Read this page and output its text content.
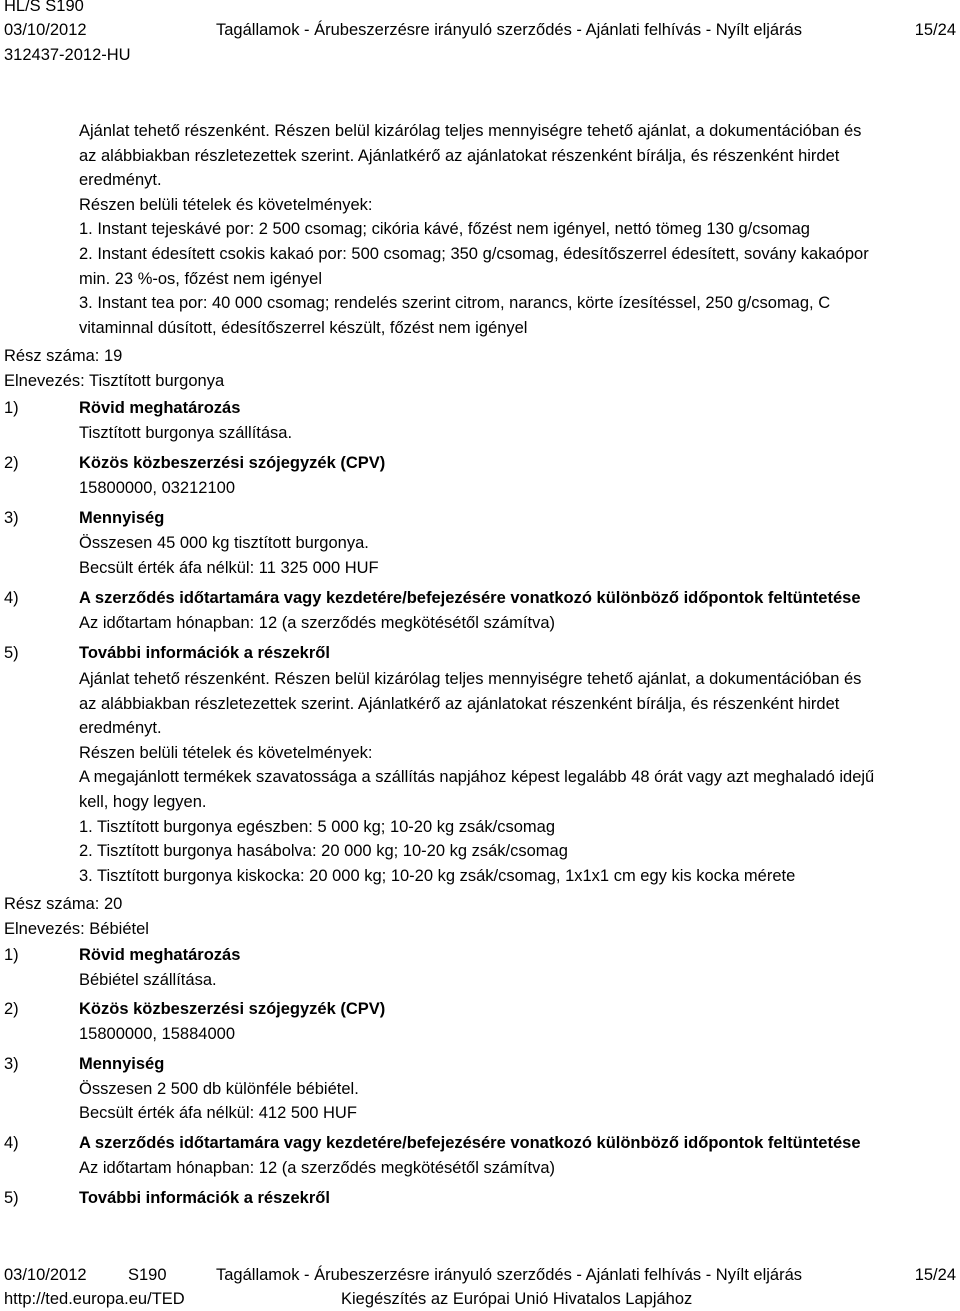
HL/S S190
03/10/2012	Tagállamok - Árubeszerzésre irányuló szerződés - Ajánlati felhívás - Nyílt eljárás	15/24
312437-2012-HU
Ajánlat tehető részenként. Részen belül kizárólag teljes mennyiségre tehető ajánlat, a dokumentációban és
az alábbiakban részletezettek szerint. Ajánlatkérő az ajánlatokat részenként bírálja, és részenként hirdet
eredményt.
Részen belüli tételek és követelmények:
1. Instant tejeskávé por: 2 500 csomag; cikória kávé, főzést nem igényel, nettó tömeg 130 g/csomag
2. Instant édesített csokis kakaó por: 500 csomag; 350 g/csomag, édesítőszerrel édesített, sovány kakaópor
min. 23 %-os, főzést nem igényel
3. Instant tea por: 40 000 csomag; rendelés szerint citrom, narancs, körte ízesítéssel, 250 g/csomag, C
vitaminnal dúsított, édesítőszerrel készült, főzést nem igényel
Rész száma: 19
Elnevezés: Tisztított burgonya
1)	Rövid meghatározás
Tisztított burgonya szállítása.
2)	Közös közbeszerzési szójegyzék (CPV)
15800000, 03212100
3)	Mennyiség
Összesen 45 000 kg tisztított burgonya.
Becsült érték áfa nélkül: 11 325 000 HUF
4)	A szerződés időtartamára vagy kezdetére/befejezésére vonatkozó különböző időpontok feltüntetése
Az időtartam hónapban: 12 (a szerződés megkötésétől számítva)
5)	További információk a részekről
Ajánlat tehető részenként. Részen belül kizárólag teljes mennyiségre tehető ajánlat, a dokumentációban és
az alábbiakban részletezettek szerint. Ajánlatkérő az ajánlatokat részenként bírálja, és részenként hirdet
eredményt.
Részen belüli tételek és követelmények:
A megajánlott termékek szavatossága a szállítás napjához képest legalább 48 órát vagy azt meghaladó idejű
kell, hogy legyen.
1. Tisztított burgonya egészben: 5 000 kg; 10-20 kg zsák/csomag
2. Tisztított burgonya hasábolva: 20 000 kg; 10-20 kg zsák/csomag
3. Tisztított burgonya kiskocka: 20 000 kg; 10-20 kg zsák/csomag, 1x1x1 cm egy kis kocka mérete
Rész száma: 20
Elnevezés: Bébiétel
1)	Rövid meghatározás
Bébiétel szállítása.
2)	Közös közbeszerzési szójegyzék (CPV)
15800000, 15884000
3)	Mennyiség
Összesen 2 500 db különféle bébiétel.
Becsült érték áfa nélkül: 412 500 HUF
4)	A szerződés időtartamára vagy kezdetére/befejezésére vonatkozó különböző időpontok feltüntetése
Az időtartam hónapban: 12 (a szerződés megkötésétől számítva)
5)	További információk a részekről
03/10/2012	S190	Tagállamok - Árubeszerzésre irányuló szerződés - Ajánlati felhívás - Nyílt eljárás	15/24
http://ted.europa.eu/TED	Kiegészítés az Európai Unió Hivatalos Lapjához
